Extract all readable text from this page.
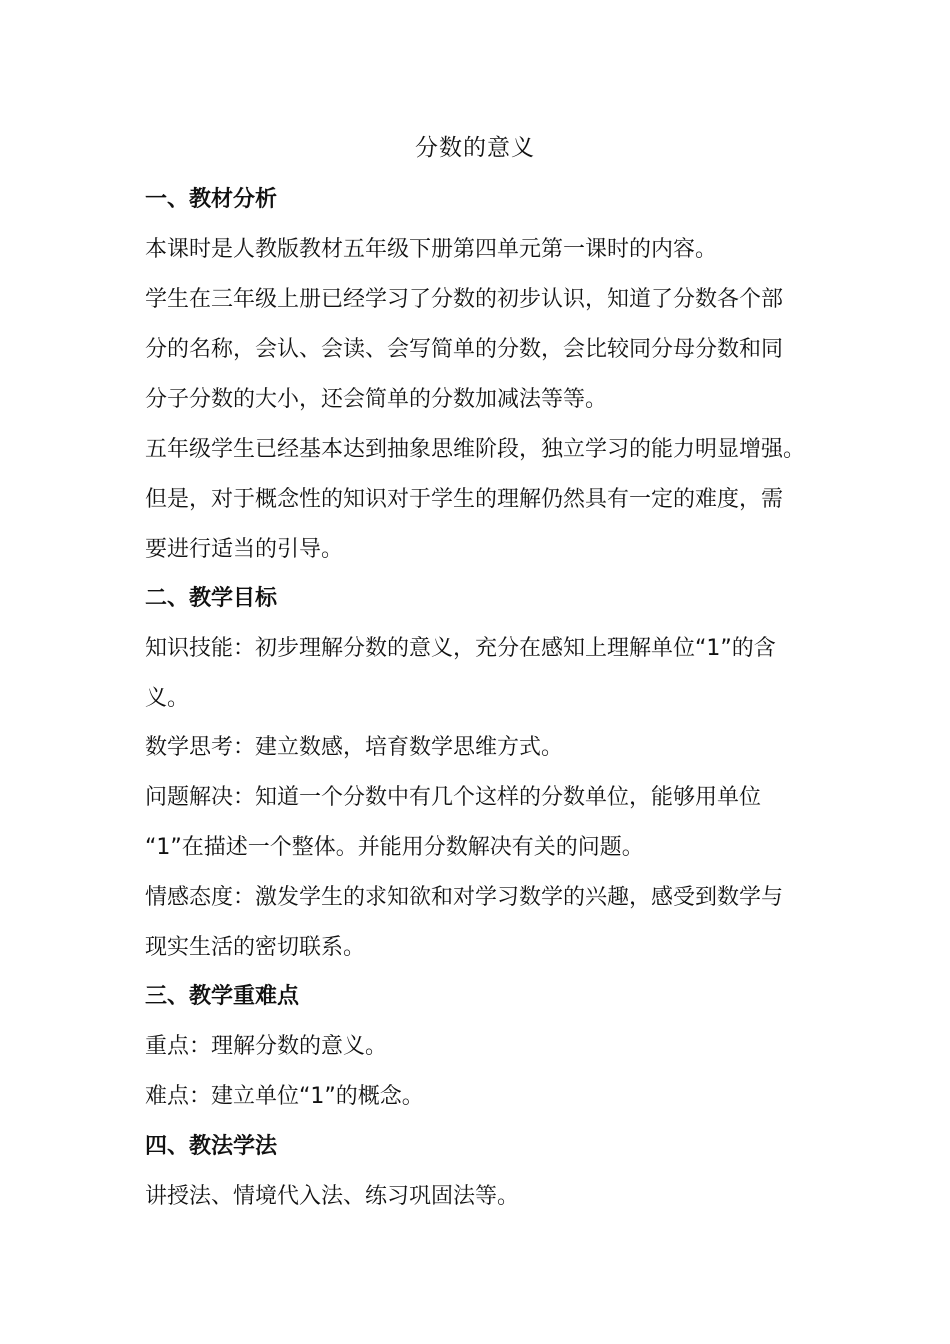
分数的意义

一、教材分析

本课时是人教版教材五年级下册第四单元第一课时的内容。

学生在三年级上册已经学习了分数的初步认识，知道了分数各个部

分的名称，会认、会读、会写简单的分数，会比较同分母分数和同

分子分数的大小，还会简单的分数加减法等等。

五年级学生已经基本达到抽象思维阶段，独立学习的能力明显增强。

但是，对于概念性的知识对于学生的理解仍然具有一定的难度，需

要进行适当的引导。

二、教学目标

知识技能：初步理解分数的意义，充分在感知上理解单位“1”的含

义。

数学思考：建立数感，培育数学思维方式。

问题解决：知道一个分数中有几个这样的分数单位，能够用单位

“1”在描述一个整体。并能用分数解决有关的问题。

情感态度：激发学生的求知欲和对学习数学的兴趣，感受到数学与

现实生活的密切联系。

三、教学重难点

重点：理解分数的意义。

难点：建立单位“1”的概念。

四、教法学法

讲授法、情境代入法、练习巩固法等。
